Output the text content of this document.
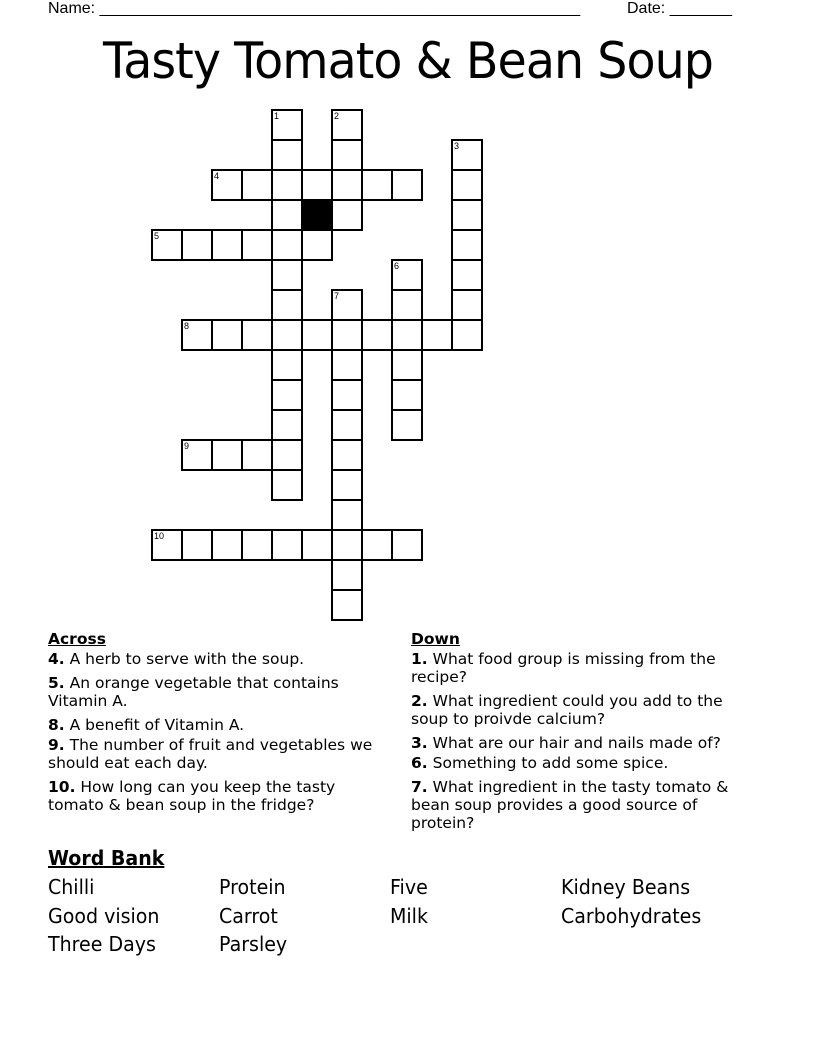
Name: ______________________________________________________	Date: _______
Tasty Tomato & Bean Soup
1	2
3
4
5
6
7
8
9
10
Across
4. A herb to serve with the soup.
5. An orange vegetable that contains Vitamin A.
8. A benefit of Vitamin A.
9. The number of fruit and vegetables we should eat each day.
10. How long can you keep the tasty tomato & bean soup in the fridge?
Down
1. What food group is missing from the recipe?
2. What ingredient could you add to the soup to proivde calcium?
3. What are our hair and nails made of?
6. Something to add some spice.
7. What ingredient in the tasty tomato & bean soup provides a good source of protein?
Word Bank
Chilli	Protein	Five	Kidney Beans
Good vision	Carrot	Milk	Carbohydrates
Three Days	Parsley
